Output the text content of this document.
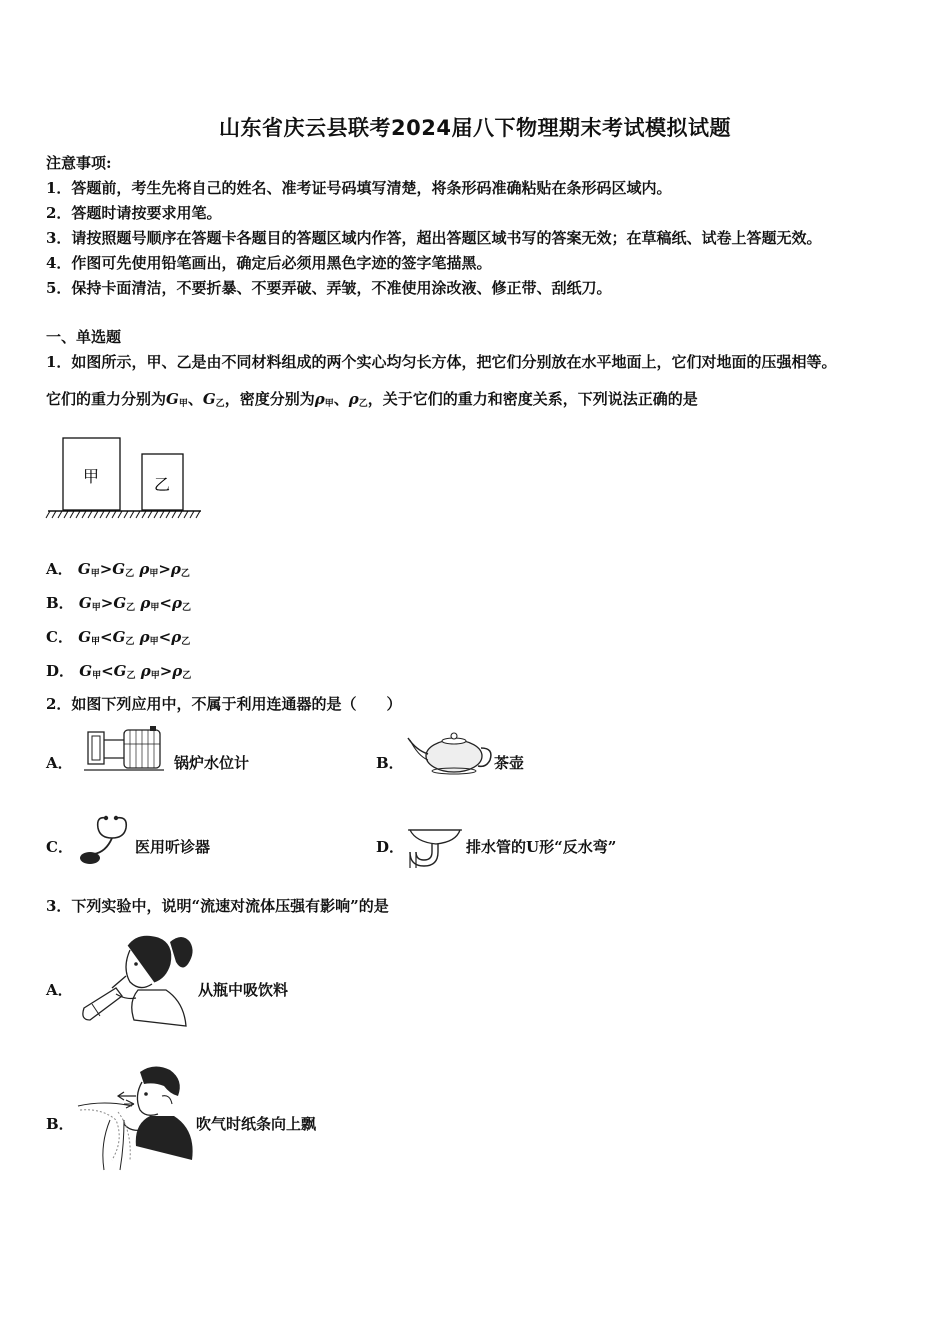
山东省庆云县联考2024届八下物理期末考试模拟试题
注意事项:
1．答题前，考生先将自己的姓名、准考证号码填写清楚，将条形码准确粘贴在条形码区域内。
2．答题时请按要求用笔。
3．请按照题号顺序在答题卡各题目的答题区域内作答，超出答题区域书写的答案无效；在草稿纸、试卷上答题无效。
4．作图可先使用铅笔画出，确定后必须用黑色字迹的签字笔描黑。
5．保持卡面清洁，不要折暴、不要弄破、弄皱，不准使用涂改液、修正带、刮纸刀。
一、单选题
1．如图所示，甲、乙是由不同材料组成的两个实心均匀长方体，把它们分别放在水平地面上，它们对地面的压强相等。
它们的重力分别为$G_甲$、$G_乙$，密度分别为$\rho_甲$、$\rho_乙$，关于它们的重力和密度关系，下列说法正确的是
甲	乙
A． $G_甲>G_乙$ $\rho_甲>\rho_乙$
B． $G_甲>G_乙$ $\rho_甲<\rho_乙$
C． $G_甲<G_乙$ $\rho_甲<\rho_乙$
D． $G_甲<G_乙$ $\rho_甲>\rho_乙$
2．如图下列应用中，不属于利用连通器的是（　　）
A．	锅炉水位计	B．	茶壶
C．	医用听诊器	D．	排水管的U形“反水弯”
3．下列实验中，说明“流速对流体压强有影响”的是
A．	从瓶中吸饮料
B．	吹气时纸条向上飘
